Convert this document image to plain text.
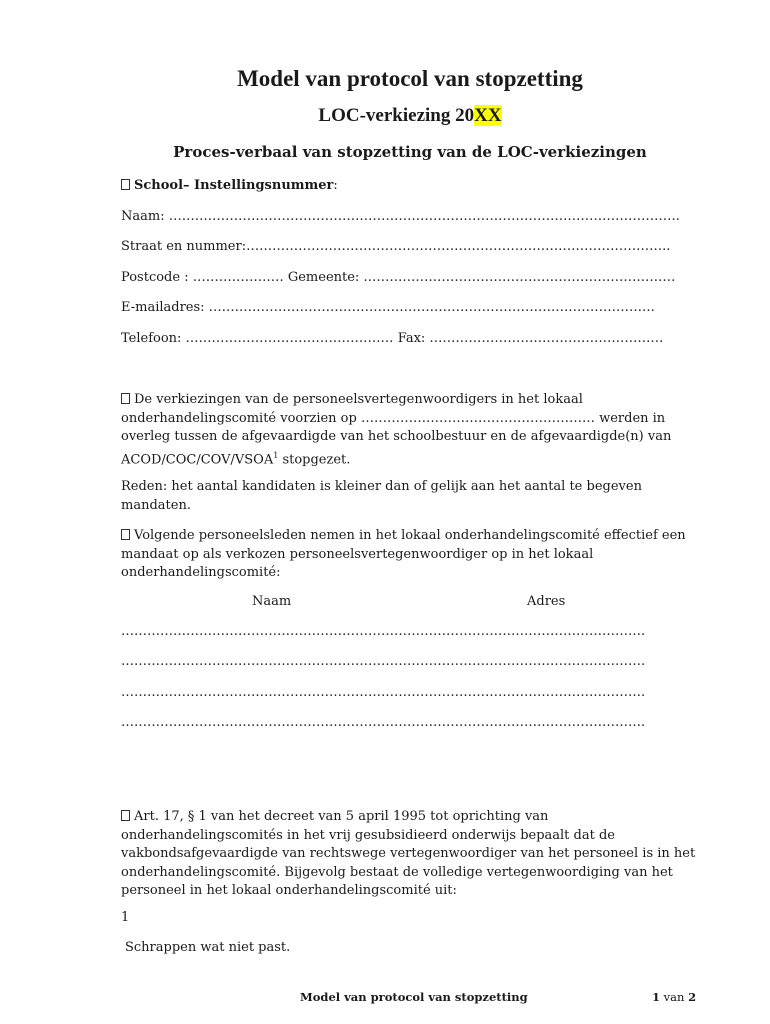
Model van protocol van stopzetting
LOC-verkiezing 20XX
Proces-verbaal van stopzetting van de LOC-verkiezingen
School– Instellingsnummer:
Naam: ……………………………………………………………………………………………………….
Straat en nummer:……………………………………………………………………………………..
Postcode : ………………… Gemeente: ………………………………………………………………
E-mailadres: ………………………………………………………………………………………….
Telefoon: ………………………………………… Fax: ………………………………………………
De verkiezingen van de personeelsvertegenwoordigers in het lokaal onderhandelingscomité voorzien op ……………………………………………… werden in overleg tussen de afgevaardigde van het schoolbestuur en de afgevaardigde(n) van ACOD/COC/COV/VSOA$^1$ stopgezet.
Reden: het aantal kandidaten is kleiner dan of gelijk aan het aantal te begeven mandaten.
Volgende personeelsleden nemen in het lokaal onderhandelingscomité effectief een mandaat op als verkozen personeelsvertegenwoordiger op in het lokaal onderhandelingscomité:
Naam	Adres
………………………………………………………………………………………………………….
………………………………………………………………………………………………………….
………………………………………………………………………………………………………….
………………………………………………………………………………………………………….
Art. 17, § 1 van het decreet van 5 april 1995 tot oprichting van onderhandelingscomités in het vrij gesubsidieerd onderwijs bepaalt dat de vakbondsafgevaardigde van rechtswege vertegenwoordiger van het personeel is in het onderhandelingscomité. Bijgevolg bestaat de volledige vertegenwoordiging van het personeel in het lokaal onderhandelingscomité uit:
1
Schrappen wat niet past.
Model van protocol van stopzetting	1 van 2
